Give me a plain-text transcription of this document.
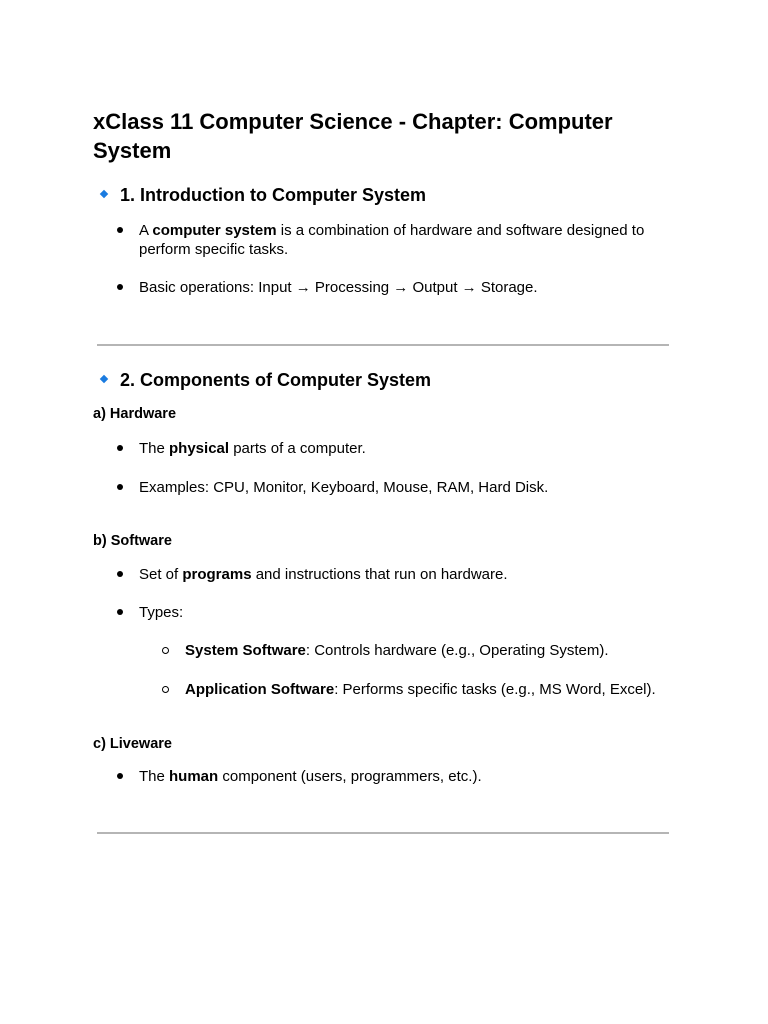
xClass 11 Computer Science - Chapter: Computer System
1. Introduction to Computer System
A computer system is a combination of hardware and software designed to
perform specific tasks.
Basic operations: Input → Processing → Output → Storage.
2. Components of Computer System
a) Hardware
The physical parts of a computer.
Examples: CPU, Monitor, Keyboard, Mouse, RAM, Hard Disk.
b) Software
Set of programs and instructions that run on hardware.
Types:
System Software: Controls hardware (e.g., Operating System).
Application Software: Performs specific tasks (e.g., MS Word, Excel).
c) Liveware
The human component (users, programmers, etc.).
